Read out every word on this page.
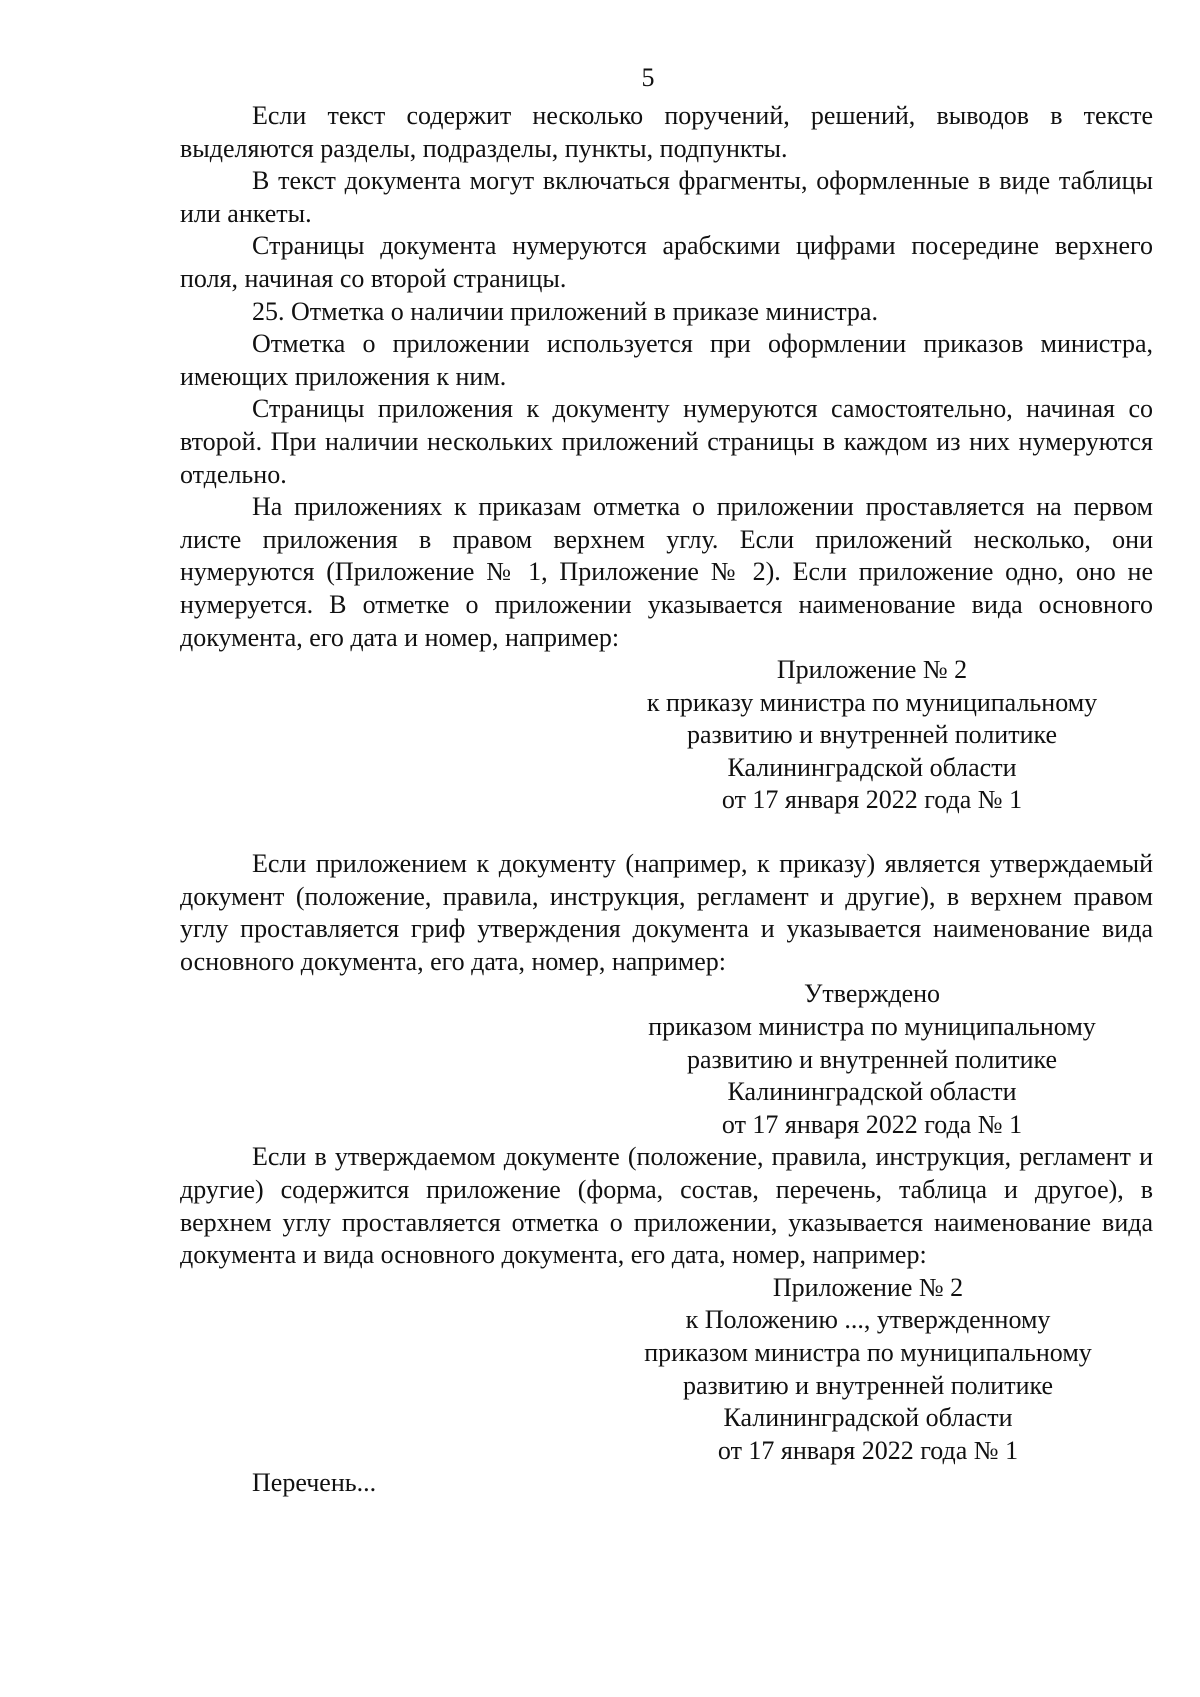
5

Если текст содержит несколько поручений, решений, выводов в тексте выделяются разделы, подразделы, пункты, подпункты.

В текст документа могут включаться фрагменты, оформленные в виде таблицы или анкеты.

Страницы документа нумеруются арабскими цифрами посередине верхнего поля, начиная со второй страницы.

25. Отметка о наличии приложений в приказе министра.

Отметка о приложении используется при оформлении приказов министра, имеющих приложения к ним.

Страницы приложения к документу нумеруются самостоятельно, начиная со второй. При наличии нескольких приложений страницы в каждом из них нумеруются отдельно.

На приложениях к приказам отметка о приложении проставляется на первом листе приложения в правом верхнем углу. Если приложений несколько, они нумеруются (Приложение № 1, Приложение № 2). Если приложение одно, оно не нумеруется. В отметке о приложении указывается наименование вида основного документа, его дата и номер, например:

Приложение № 2
к приказу министра по муниципальному
развитию и внутренней политике
Калининградской области
от 17 января 2022 года № 1

Если приложением к документу (например, к приказу) является утверждаемый документ (положение, правила, инструкция, регламент и другие), в верхнем правом углу проставляется гриф утверждения документа и указывается наименование вида основного документа, его дата, номер, например:

Утверждено
приказом министра по муниципальному
развитию и внутренней политике
Калининградской области
от 17 января 2022 года № 1

Если в утверждаемом документе (положение, правила, инструкция, регламент и другие) содержится приложение (форма, состав, перечень, таблица и другое), в верхнем углу проставляется отметка о приложении, указывается наименование вида документа и вида основного документа, его дата, номер, например:

Приложение № 2
к Положению ..., утвержденному
приказом министра по муниципальному
развитию и внутренней политике
Калининградской области
от 17 января 2022 года № 1

Перечень...
